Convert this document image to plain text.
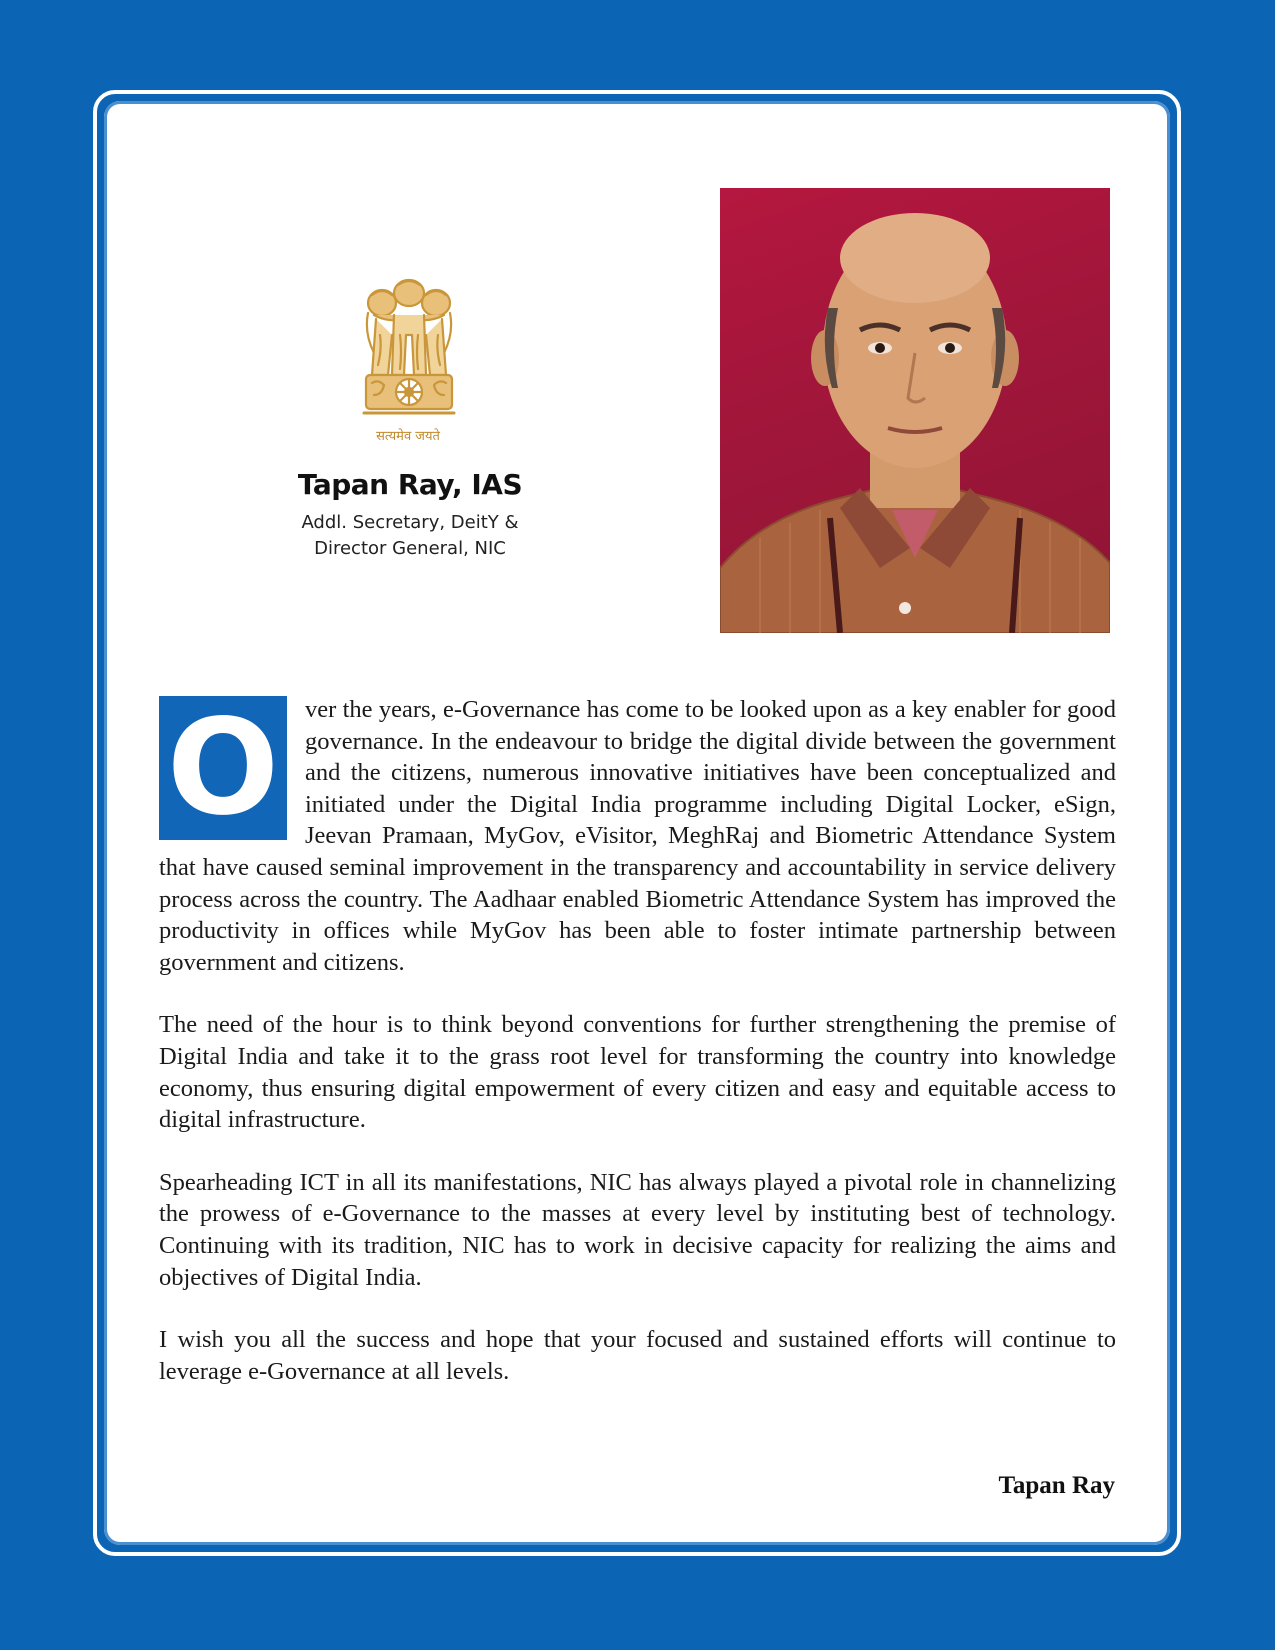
सत्यमेव जयते
Tapan Ray, IAS
Addl. Secretary, DeitY &
Director General, NIC

O	ver the years, e-Governance has come to be looked upon as a key enabler for good governance. In the endeavour to bridge the digital divide between the government and the citizens, numerous innovative initiatives have been conceptualized and initiated under the Digital India programme including Digital Locker, eSign, Jeevan Pramaan, MyGov, eVisitor, MeghRaj and Biometric Attendance System that have caused seminal improvement in the transparency and accountability in service delivery process across the country. The Aadhaar enabled Biometric Attendance System has improved the productivity in offices while MyGov has been able to foster intimate partnership between government and citizens.

The need of the hour is to think beyond conventions for further strengthening the premise of Digital India and take it to the grass root level for transforming the country into knowledge economy, thus ensuring digital empowerment of every citizen and easy and equitable access to digital infrastructure.

Spearheading ICT in all its manifestations, NIC has always played a pivotal role in channelizing the prowess of e-Governance to the masses at every level by instituting best of technology. Continuing with its tradition, NIC has to work in decisive capacity for realizing the aims and objectives of Digital India.

I wish you all the success and hope that your focused and sustained efforts will continue to leverage e-Governance at all levels.

Tapan Ray
